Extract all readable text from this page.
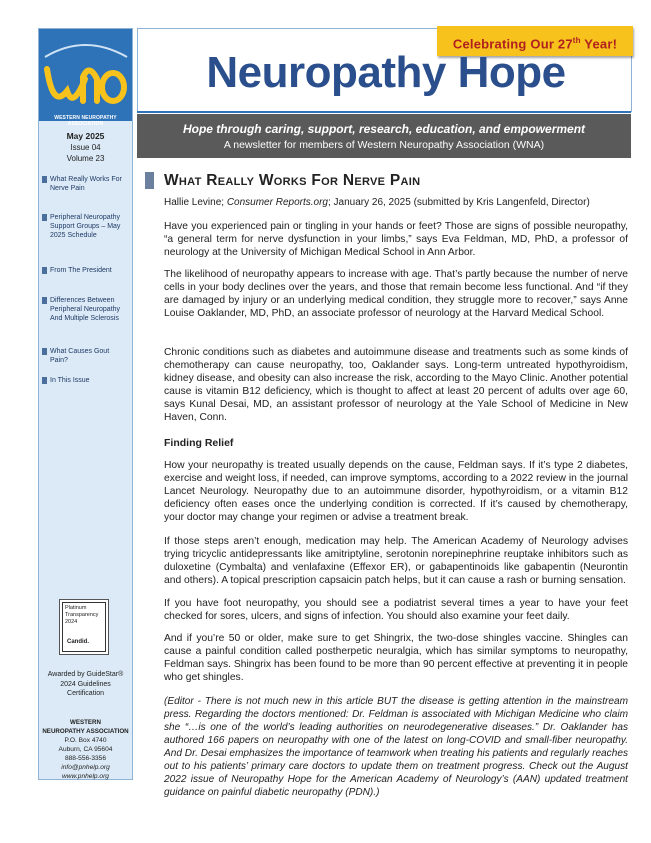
WESTERN NEUROPATHY ASSOCIATION
May 2025
Issue 04
Volume 23
What Really Works For Nerve Pain
Peripheral Neuropathy Support Groups – May 2025 Schedule
From The President
Differences Between Peripheral Neuropathy And Multiple Sclerosis
What Causes Gout Pain?
In This Issue
Platinum
Transparency
2024
Candid.
Awarded by GuideStar®
2024 Guidelines
Certification
WESTERN
NEUROPATHY ASSOCIATION
P.O. Box 4740
Auburn, CA 95604
888-556-3356
info@pnhelp.org
www.pnhelp.org
Celebrating Our 27th Year!
Neuropathy Hope
Hope through caring, support, research, education, and empowerment
A newsletter for members of Western Neuropathy Association (WNA)
What Really Works For Nerve Pain
Hallie Levine; Consumer Reports.org; January 26, 2025 (submitted by Kris Langenfeld, Director)
Have you experienced pain or tingling in your hands or feet? Those are signs of possible neuropathy, “a general term for nerve dysfunction in your limbs,” says Eva Feldman, MD, PhD, a professor of neurology at the University of Michigan Medical School in Ann Arbor.
The likelihood of neuropathy appears to increase with age. That’s partly because the number of nerve cells in your body declines over the years, and those that remain become less functional. And “if they are damaged by injury or an underlying medical condition, they struggle more to recover,” says Anne Louise Oaklander, MD, PhD, an associate professor of neurology at the Harvard Medical School.
Chronic conditions such as diabetes and autoimmune disease and treatments such as some kinds of chemotherapy can cause neuropathy, too, Oaklander says. Long-term untreated hypothyroidism, kidney disease, and obesity can also increase the risk, according to the Mayo Clinic. Another potential cause is vitamin B12 deficiency, which is thought to affect at least 20 percent of adults over age 60, says Kunal Desai, MD, an assistant professor of neurology at the Yale School of Medicine in New Haven, Conn.
Finding Relief
How your neuropathy is treated usually depends on the cause, Feldman says. If it’s type 2 diabetes, exercise and weight loss, if needed, can improve symptoms, according to a 2022 review in the journal Lancet Neurology. Neuropathy due to an autoimmune disorder, hypothyroidism, or a vitamin B12 deficiency often eases once the underlying condition is corrected. If it’s caused by chemotherapy, your doctor may change your regimen or advise a treatment break.
If those steps aren’t enough, medication may help. The American Academy of Neurology advises trying tricyclic antidepressants like amitriptyline, serotonin norepinephrine reuptake inhibitors such as duloxetine (Cymbalta) and venlafaxine (Effexor ER), or gabapentinoids like gabapentin (Neurontin and others). A topical prescription capsaicin patch helps, but it can cause a rash or burning sensation.
If you have foot neuropathy, you should see a podiatrist several times a year to have your feet checked for sores, ulcers, and signs of infection. You should also examine your feet daily.
And if you’re 50 or older, make sure to get Shingrix, the two-dose shingles vaccine. Shingles can cause a painful condition called postherpetic neuralgia, which has similar symptoms to neuropathy, Feldman says. Shingrix has been found to be more than 90 percent effective at preventing it in people who get shingles.
(Editor - There is not much new in this article BUT the disease is getting attention in the mainstream press. Regarding the doctors mentioned: Dr. Feldman is associated with Michigan Medicine who claim she “…is one of the world’s leading authorities on neurodegenerative diseases.” Dr. Oaklander has authored 166 papers on neuropathy with one of the latest on long-COVID and small-fiber neuropathy. And Dr. Desai emphasizes the importance of teamwork when treating his patients and regularly reaches out to his patients’ primary care doctors to update them on treatment progress. Check out the August 2022 issue of Neuropathy Hope for the American Academy of Neurology’s (AAN) updated treatment guidance on painful diabetic neuropathy (PDN).)
